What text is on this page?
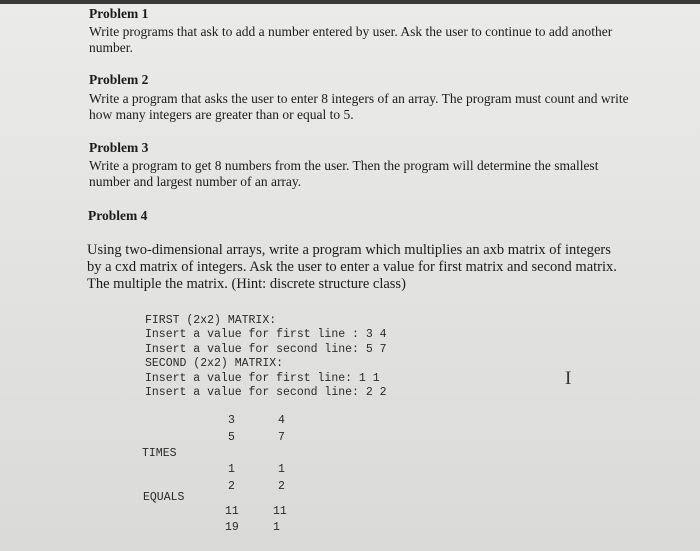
Problem 1
Write programs that ask to add a number entered by user. Ask the user to continue to add another number.
Problem 2
Write a program that asks the user to enter 8 integers of an array. The program must count and write how many integers are greater than or equal to 5.
Problem 3
Write a program to get 8 numbers from the user. Then the program will determine the smallest number and largest number of an array.
Problem 4
Using two-dimensional arrays, write a program which multiplies an axb matrix of integers by a cxd matrix of integers. Ask the user to enter a value for first matrix and second matrix. The multiple the matrix. (Hint: discrete structure class)
FIRST (2x2) MATRIX:
Insert a value for first line : 3 4
Insert a value for second line: 5 7
SECOND (2x2) MATRIX:
Insert a value for first line: 1 1
Insert a value for second line: 2 2
3	4
5	7
TIMES
1	1
2	2
EQUALS
11	11
19	1
I
